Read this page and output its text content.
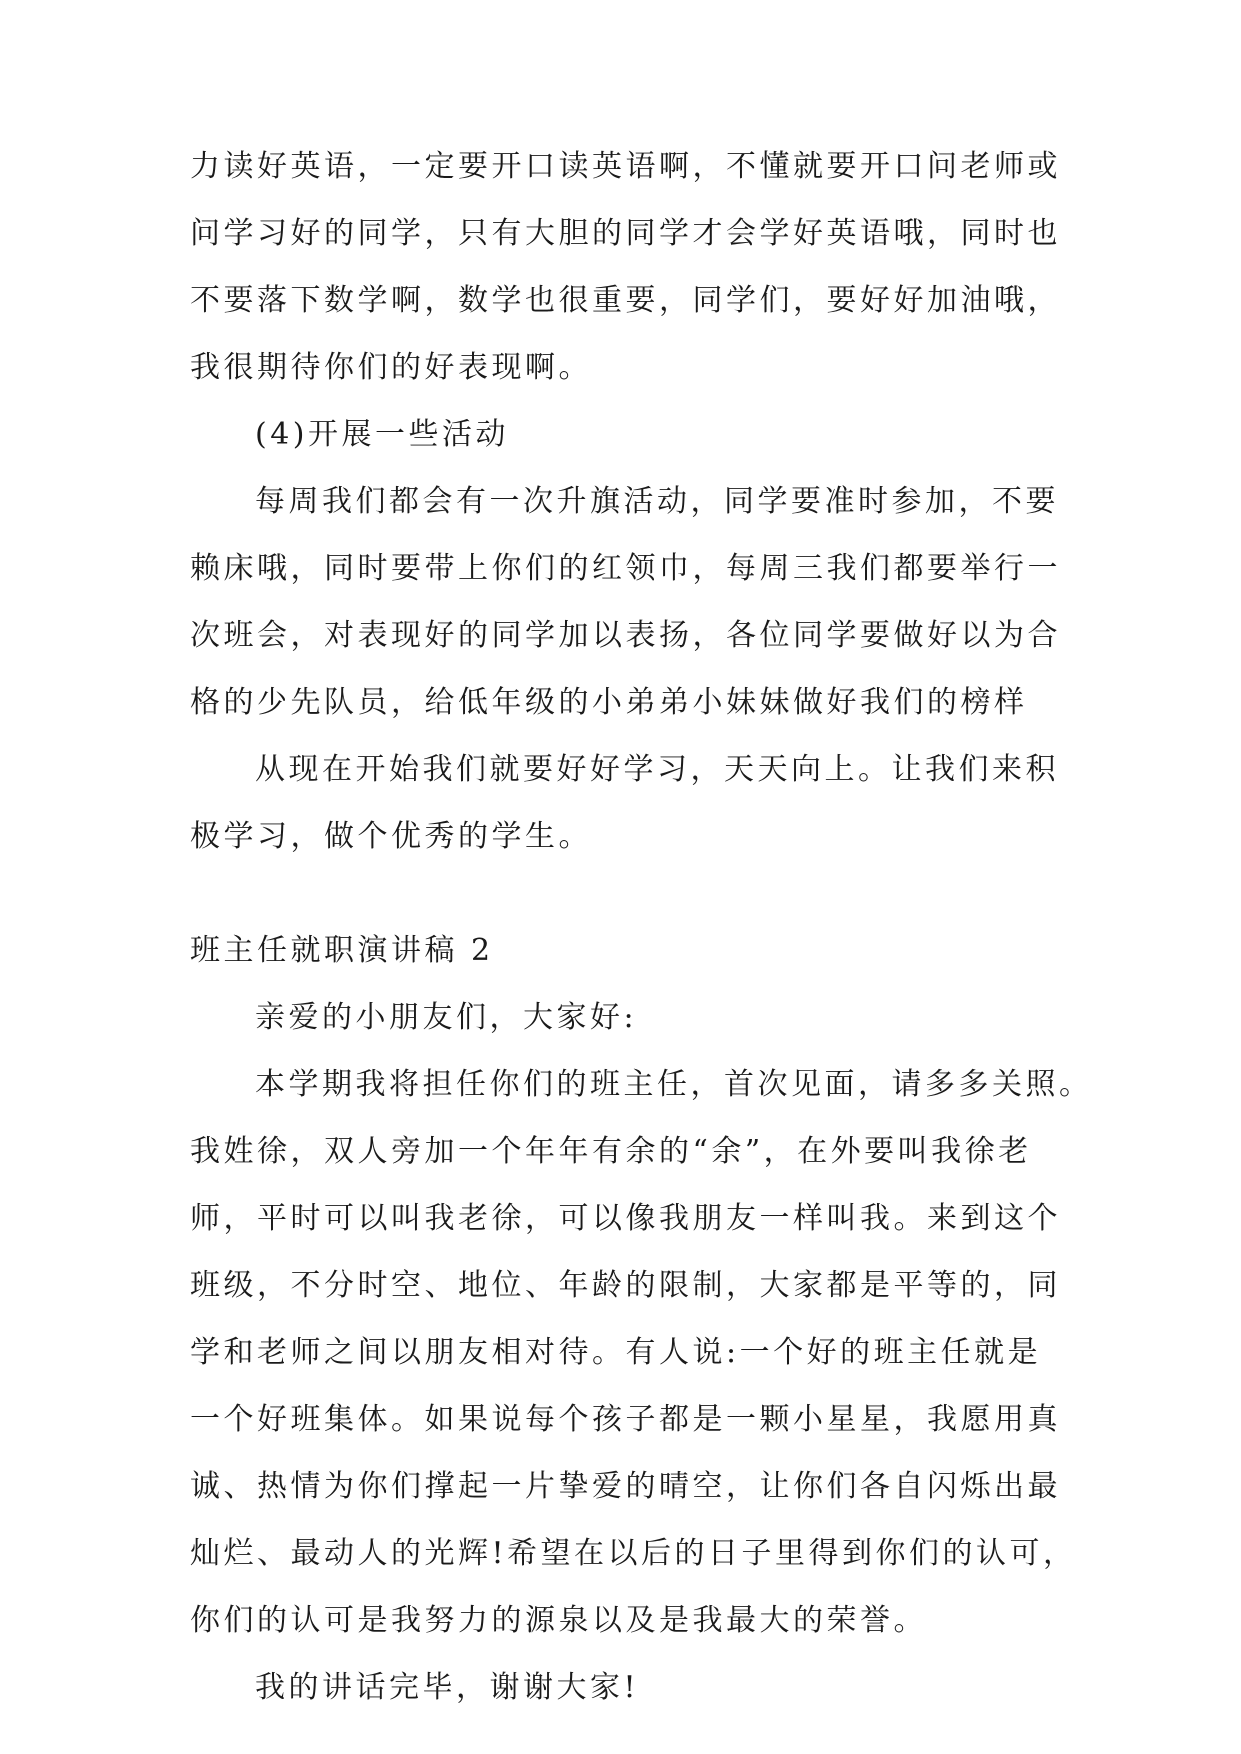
力读好英语，一定要开口读英语啊，不懂就要开口问老师或
问学习好的同学，只有大胆的同学才会学好英语哦，同时也
不要落下数学啊，数学也很重要，同学们，要好好加油哦，
我很期待你们的好表现啊。
(4)开展一些活动
每周我们都会有一次升旗活动，同学要准时参加，不要
赖床哦，同时要带上你们的红领巾，每周三我们都要举行一
次班会，对表现好的同学加以表扬，各位同学要做好以为合
格的少先队员，给低年级的小弟弟小妹妹做好我们的榜样
从现在开始我们就要好好学习，天天向上。让我们来积
极学习，做个优秀的学生。
班主任就职演讲稿 2
亲爱的小朋友们，大家好:
本学期我将担任你们的班主任，首次见面，请多多关照。
我姓徐，双人旁加一个年年有余的“余”，在外要叫我徐老
师，平时可以叫我老徐，可以像我朋友一样叫我。来到这个
班级，不分时空、地位、年龄的限制，大家都是平等的，同
学和老师之间以朋友相对待。有人说:一个好的班主任就是
一个好班集体。如果说每个孩子都是一颗小星星，我愿用真
诚、热情为你们撑起一片挚爱的晴空，让你们各自闪烁出最
灿烂、最动人的光辉!希望在以后的日子里得到你们的认可，
你们的认可是我努力的源泉以及是我最大的荣誉。
我的讲话完毕，谢谢大家!
